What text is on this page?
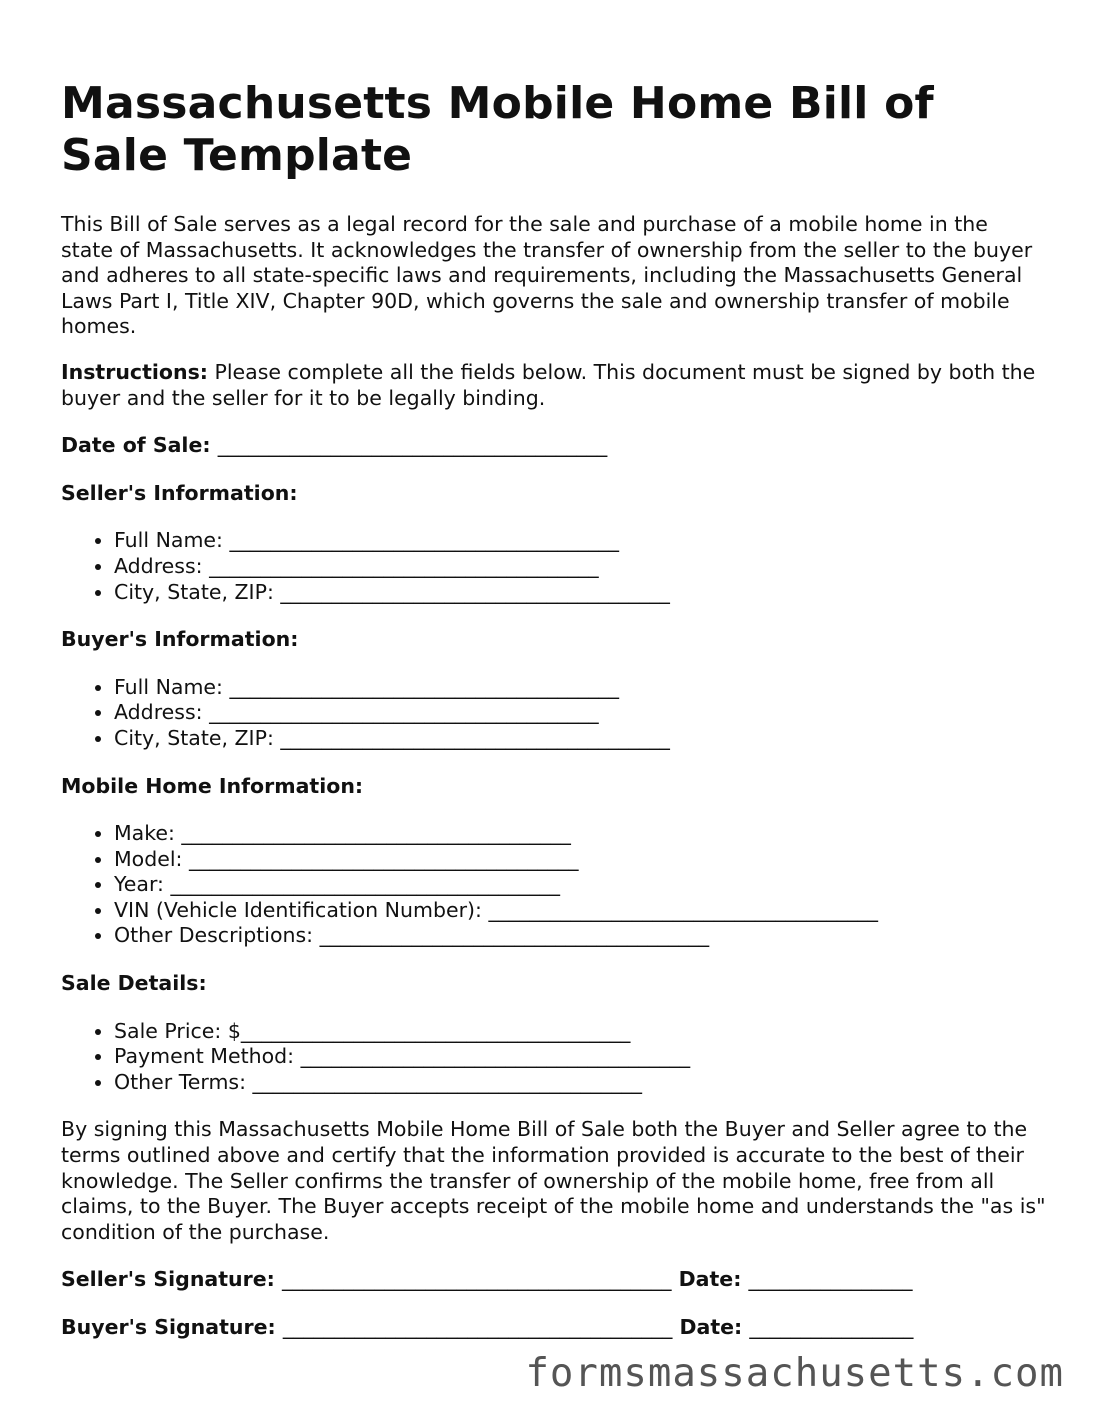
Massachusetts Mobile Home Bill of Sale Template

This Bill of Sale serves as a legal record for the sale and purchase of a mobile home in the state of Massachusetts. It acknowledges the transfer of ownership from the seller to the buyer and adheres to all state-specific laws and requirements, including the Massachusetts General Laws Part I, Title XIV, Chapter 90D, which governs the sale and ownership transfer of mobile homes.

Instructions: Please complete all the fields below. This document must be signed by both the buyer and the seller for it to be legally binding.

Date of Sale: ______________________________________
Seller's Information:
• Full Name: ______________________________________
• Address: ______________________________________
• City, State, ZIP: ______________________________________
Buyer's Information:
• Full Name: ______________________________________
• Address: ______________________________________
• City, State, ZIP: ______________________________________
Mobile Home Information:
• Make: ______________________________________
• Model: ______________________________________
• Year: ______________________________________
• VIN (Vehicle Identification Number): ______________________________________
• Other Descriptions: ______________________________________
Sale Details:
• Sale Price: $______________________________________
• Payment Method: ______________________________________
• Other Terms: ______________________________________

By signing this Massachusetts Mobile Home Bill of Sale both the Buyer and Seller agree to the terms outlined above and certify that the information provided is accurate to the best of their knowledge. The Seller confirms the transfer of ownership of the mobile home, free from all claims, to the Buyer. The Buyer accepts receipt of the mobile home and understands the "as is" condition of the purchase.

Seller's Signature: ______________________________________ Date: ________________
Buyer's Signature: ______________________________________ Date: ________________
formsmassachusetts.com
